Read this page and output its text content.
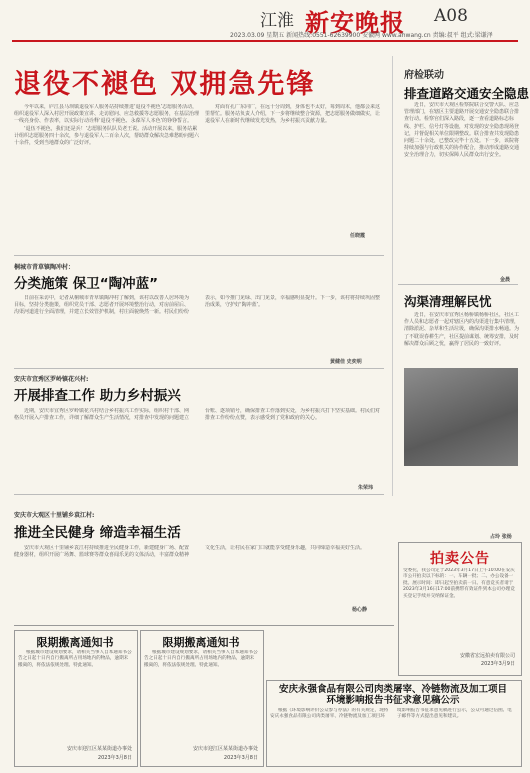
江淮 新安晚报 A08
2023.03.09 星期五 新闻热线:0551-62639900 安徽网 www.ahwang.cn 责编:叔平 组式:梁谦泽
退役不褪色 双拥急先锋

今年以来，庐江县马坝镇退役军人服务站持续推进‘退役不褪色’志愿服务活动，组织退役军人深入村居开展政策宣讲、走访慰问、应急救援等志愿服务，在基层治理一线亮身份、作表率，以实际行动诠释‘退役不褪色、永葆军人本色’的铮铮誓言。

‘退伍不褪色，我们还是兵！’志愿服务队队员老王说。活动开展以来，服务站累计组织志愿服务四十余次，参与退役军人二百余人次，帮助群众解决急难愁盼问题六十余件，受到当地群众的广泛好评。

对面有孔广东同广，在远十分周到，身体也不太好，每到周末，他都会来这里帮忙。服务站负责人介绍，下一步将继续整合资源，把志愿服务做细做实，让退役军人在新时代继续发光发热，为乡村振兴贡献力量。

任晓霞
府检联动
排查道路交通安全隐患
近日，安庆市大观区检察院联合交警大队、应急管理部门，在辖区主要道路开展交通安全隐患联合排查行动。检察官们深入路段，逐一查看道路标志标线、护栏、信号灯等设施，对发现的安全隐患现场登记，并督促相关单位限期整改。联合排查共发现隐患问题二十余处，已整改完毕十五处。下一步，该院将持续加强与行政机关的协作配合，推动形成道路交通安全治理合力，切实保障人民群众出行安全。
金晨
桐城市青草镇陶冲村：
分类施策 保卫“陶冲蓝”
日前在采访中，记者从桐城市青草镇陶冲村了解到，该村以改善人居环境为目标，坚持分类施策，组织党员干部、志愿者开展环境整治行动，对房前屋后、沟渠河道进行全面清理，并建立长效管护机制，村庄面貌焕然一新。村民们纷纷表示，如今推门见绿、出门见景，幸福感明显提升。下一步，该村将持续巩固整治成果，守护好‘陶冲蓝’。
黄健佳 史奕明
安庆市宜秀区罗岭镇花兴村:
开展排查工作 助力乡村振兴
近期，安庆市宜秀区罗岭镇花兴村结合乡村振兴工作实际，组织村干部、网格员开展入户排查工作，详细了解群众生产生活情况，对排查中发现的问题建立台账、逐项销号，确保排查工作落到实处，为乡村振兴打下坚实基础。村民们对排查工作纷纷点赞，表示感受到了党和政府的关心。
朱荣玮
安庆市大观区十里铺乡袁江村:
推进全民健身 缔造幸福生活
安庆市大观区十里铺乡袁江村持续推进全民健身工作，新建健身广场、配置健身器材，组织开展广场舞、篮球赛等群众喜闻乐见的文体活动，丰富群众精神文化生活，让村民在家门口就能享受健身乐趣，共同缔造幸福美好生活。
杨心静
沟渠清理解民忧
近日，在安庆市宜秀区杨桥镇杨桥社区，社区工作人员和志愿者一起对辖区内的沟渠进行集中清理，清除淤泥、杂草和生活垃圾，确保沟渠排水畅通。为了不耽误春耕生产，社区提前谋划、统筹安排，及时解决群众后顾之忧，赢得了居民的一致好评。
占玲 张杨
拍卖公告
受委托，我公司定于2023年3月17日上午10:00在安庆市公开拍卖以下标的：一、车辆一批；二、办公设备一批。展示时间：即日起至拍卖前一日。有意竞买者请于2023年3月16日17:00前携带有效证件到本公司办理竞买登记手续并交纳保证金。
安徽省宏远拍卖有限公司
2023年3月9日
限期搬离通知书
根据城市建设规划要求，请相关当事人自本通知书公告之日起十日内自行搬离所占用场地内的物品，逾期未搬离的，将依法依规处理。特此通知。
安庆市迎江区某某街道办事处
2023年3月8日
限期搬离通知书
根据城市建设规划要求，请相关当事人自本通知书公告之日起十日内自行搬离所占用场地内的物品，逾期未搬离的，将依法依规处理。特此通知。
安庆市迎江区某某街道办事处
2023年3月8日
安庆永强食品有限公司肉类屠宰、冷链物流及加工项目
环境影响报告书征求意见稿公示
根据《环境影响评价公众参与办法》的有关规定，现将安庆永强食品有限公司肉类屠宰、冷链物流及加工项目环境影响报告书征求意见稿进行公示，公众可通过信函、电子邮件等方式提出意见和建议。
